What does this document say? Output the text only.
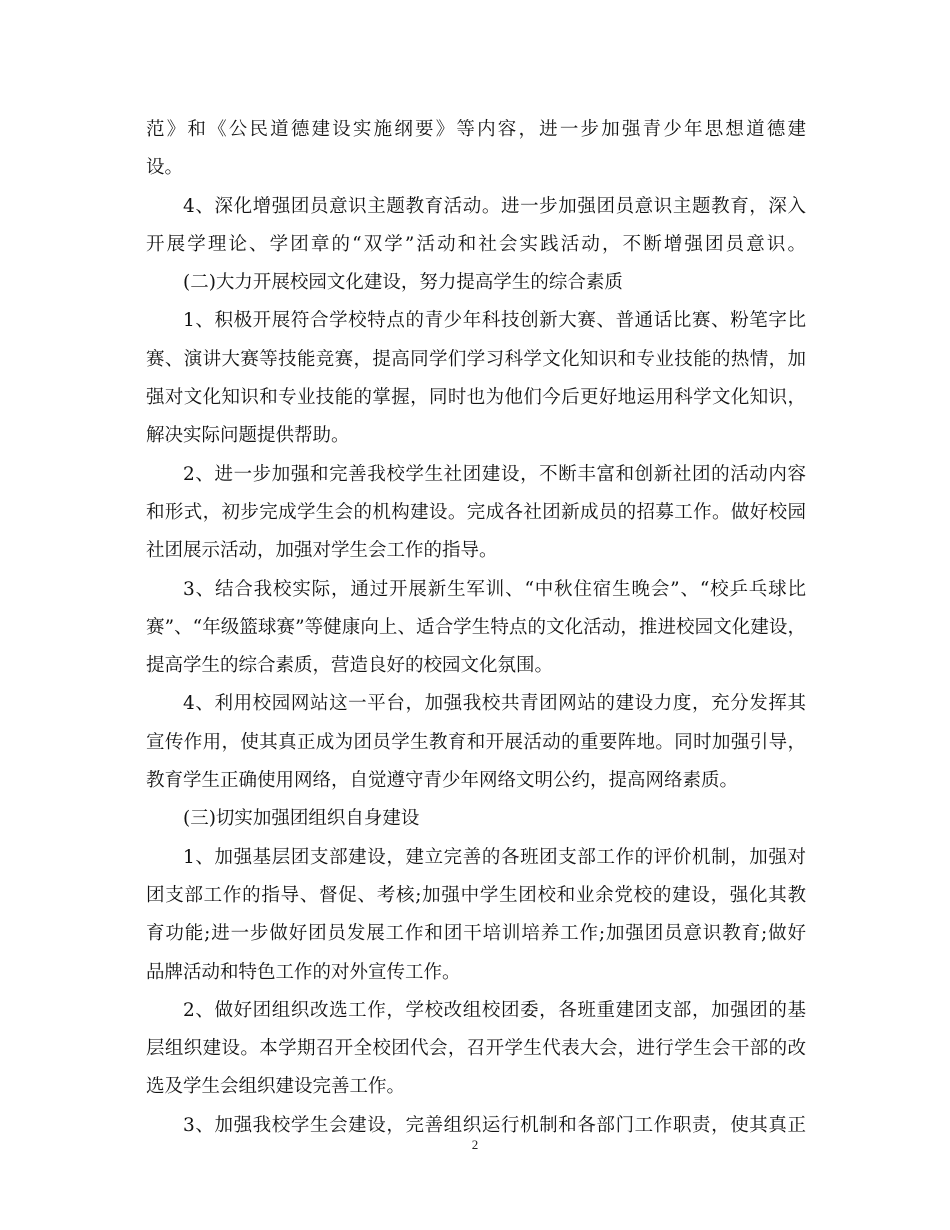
范》和《公民道德建设实施纲要》等内容，进一步加强青少年思想道德建
设。
4、深化增强团员意识主题教育活动。进一步加强团员意识主题教育，深入
开展学理论、学团章的“双学”活动和社会实践活动，不断增强团员意识。
(二)大力开展校园文化建设，努力提高学生的综合素质
1、积极开展符合学校特点的青少年科技创新大赛、普通话比赛、粉笔字比
赛、演讲大赛等技能竞赛，提高同学们学习科学文化知识和专业技能的热情，加
强对文化知识和专业技能的掌握，同时也为他们今后更好地运用科学文化知识，
解决实际问题提供帮助。
2、进一步加强和完善我校学生社团建设，不断丰富和创新社团的活动内容
和形式，初步完成学生会的机构建设。完成各社团新成员的招募工作。做好校园
社团展示活动，加强对学生会工作的指导。
3、结合我校实际，通过开展新生军训、“中秋住宿生晚会”、“校乒乓球比
赛”、“年级篮球赛”等健康向上、适合学生特点的文化活动，推进校园文化建设，
提高学生的综合素质，营造良好的校园文化氛围。
4、利用校园网站这一平台，加强我校共青团网站的建设力度，充分发挥其
宣传作用，使其真正成为团员学生教育和开展活动的重要阵地。同时加强引导，
教育学生正确使用网络，自觉遵守青少年网络文明公约，提高网络素质。
(三)切实加强团组织自身建设
1、加强基层团支部建设，建立完善的各班团支部工作的评价机制，加强对
团支部工作的指导、督促、考核;加强中学生团校和业余党校的建设，强化其教
育功能;进一步做好团员发展工作和团干培训培养工作;加强团员意识教育;做好
品牌活动和特色工作的对外宣传工作。
2、做好团组织改选工作，学校改组校团委，各班重建团支部，加强团的基
层组织建设。本学期召开全校团代会，召开学生代表大会，进行学生会干部的改
选及学生会组织建设完善工作。
3、加强我校学生会建设，完善组织运行机制和各部门工作职责，使其真正
2
